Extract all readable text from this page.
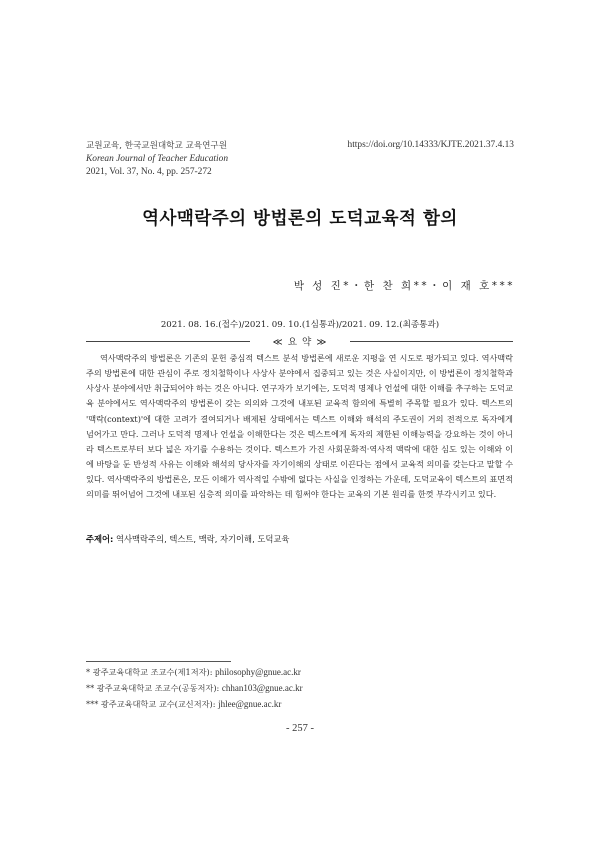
교원교육, 한국교원대학교 교육연구원
Korean Journal of Teacher Education
2021, Vol. 37, No. 4, pp. 257-272
https://doi.org/10.14333/KJTE.2021.37.4.13
역사맥락주의 방법론의 도덕교육적 함의
박 성 진*・한 찬 희**・이 재 호***
2021. 08. 16.(접수)/2021. 09. 10.(1심통과)/2021. 09. 12.(최종통과)
≪ 요 약 ≫

역사맥락주의 방법론은 기존의 문헌 중심적 텍스트 분석 방법론에 새로운 지평을 연 시도로 평가되고 있다. 역사맥락주의 방법론에 대한 관심이 주로 정치철학이나 사상사 분야에서 집중되고 있는 것은 사실이지만, 이 방법론이 정치철학과 사상사 분야에서만 취급되어야 하는 것은 아니다. 연구자가 보기에는, 도덕적 명제나 언설에 대한 이해를 추구하는 도덕교육 분야에서도 역사맥락주의 방법론이 갖는 의의와 그것에 내포된 교육적 함의에 특별히 주목할 필요가 있다. 텍스트의 '맥락(context)'에 대한 고려가 결여되거나 배제된 상태에서는 텍스트 이해와 해석의 주도권이 거의 전적으로 독자에게 넘어가고 만다. 그러나 도덕적 명제나 언설을 이해한다는 것은 텍스트에게 독자의 제한된 이해능력을 강요하는 것이 아니라 텍스트로부터 보다 넓은 자기를 수용하는 것이다. 텍스트가 가진 사회문화적·역사적 맥락에 대한 심도 있는 이해와 이에 바탕을 둔 반성적 사유는 이해와 해석의 당사자를 자기이해의 상태로 이끈다는 점에서 교육적 의미를 갖는다고 말할 수 있다. 역사맥락주의 방법론은, 모든 이해가 역사적일 수밖에 없다는 사실을 인정하는 가운데, 도덕교육이 텍스트의 표면적 의미를 뛰어넘어 그것에 내포된 심층적 의미를 파악하는 데 힘써야 한다는 교육의 기본 원리를 한껏 부각시키고 있다.

주제어: 역사맥락주의, 텍스트, 맥락, 자기이해, 도덕교육
* 광주교육대학교 조교수(제1저자): philosophy@gnue.ac.kr
** 광주교육대학교 조교수(공동저자): chhan103@gnue.ac.kr
*** 광주교육대학교 교수(교신저자): jhlee@gnue.ac.kr
- 257 -
